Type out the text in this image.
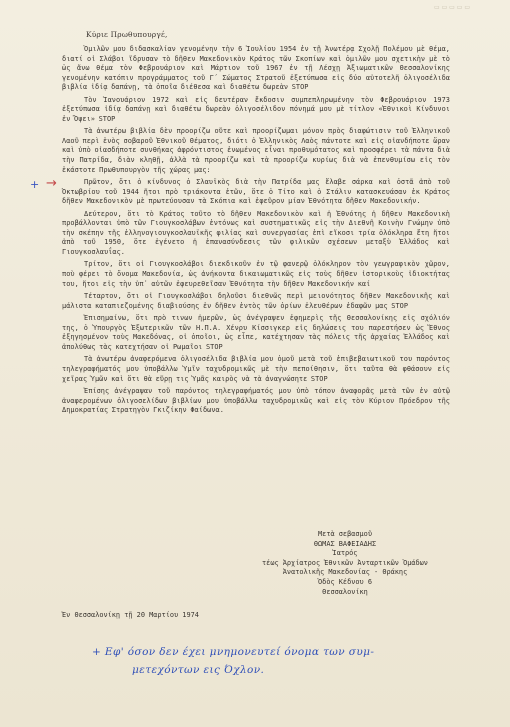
▭ ▭ ▭ ▭ ▭
Κύριε Πρωθυπουργέ,

Ὁμιλῶν μου διδασκαλίαν γενομένην τὴν 6 Ἰουλίου 1954 ἐν τῇ Ἀνωτέρᾳ Σχολῇ Πολέμου μὲ θέμα, διατί οἱ Σλάβοι ἵδρυσαν τὸ δῆθεν Μακεδονικὸν Κράτος τῶν Σκοπίων καὶ ὁμιλῶν μου σχετικὴν μὲ τὸ ὡς ἄνω θέμα τὸν Φεβρουάριον καὶ Μάρτιον τοῦ 1967 ἐν τῇ Λέσχῃ Ἀξιωματικῶν Θεσσαλονίκης γενομένην κατόπιν προγράμματος τοῦ Γ΄ Σώματος Στρατοῦ ἐξετύπωσα εἰς δύο αὐτοτελῆ ὀλιγοσέλιδα βιβλία ἰδίᾳ δαπάνῃ, τὰ ὁποῖα διέθεσα καὶ διαθέτω δωρεὰν STOP

Τὸν Ἰανουάριον 1972 καὶ εἰς δευτέραν ἔκδοσιν συμπεπληρωμένην τὸν Φεβρουάριον 1973 ἐξετύπωσα ἰδίᾳ δαπάνῃ καὶ διαθέτω δωρεὰν ὀλιγοσέλιδον πόνημά μου μὲ τίτλον «Ἐθνικοὶ Κίνδυνοι ἐν Ὄψει» STOP

Τὰ ἀνωτέρω βιβλία δὲν προορίζω οὔτε καὶ προορίζωμαι μόνον πρὸς διαφώτισιν τοῦ Ἑλληνικοῦ Λαοῦ περὶ ἑνὸς σοβαροῦ Ἐθνικοῦ Θέματος, διότι ὁ Ἑλληνικὸς Λαὸς πάντοτε καὶ εἰς οἱανδήποτε ὥραν καὶ ὑπὸ οἱασδήποτε συνθήκας ἀφρόντιστος ἐνωμένος εἶναι προθυμότατος καὶ προσφέρει τὰ πάντα διὰ τὴν Πατρίδα, διὰν κληθῇ, ἀλλὰ τὰ προορίζω καὶ τὰ προορίζω κυρίως διὰ νὰ ἐπενθυμίσω εἰς τὸν ἑκάστοτε Πρωθυπουργὸν τῆς χώρας μας:

Πρῶτον, ὅτι ὁ κίνδυνος ὁ Σλαυϊκὸς διὰ τὴν Πατρίδα μας ἔλαβε σάρκα καὶ ὀστᾶ ἀπὸ τοῦ Ὀκτωβρίου τοῦ 1944 ἤτοι πρὸ τριάκοντα ἐτῶν, ὅτε ὁ Τίτο καὶ ὁ Στάλιν κατασκευάσαν ἐκ Κράτος δῆθεν Μακεδονικὸν μὲ πρωτεύουσαν τὰ Σκόπια καὶ ἐφεῦρον μίαν Ἐθνότητα δῆθεν Μακεδονικήν.

Δεύτερον, ὅτι τὸ Κράτος τοῦτο τὸ δῆθεν Μακεδονικὸν καὶ ἡ Ἐθνότης ἡ δῆθεν Μακεδονικὴ προβάλλονται ὑπὸ τῶν Γιουγκοσλάβων ἐντόνως καὶ συστηματικῶς εἰς τὴν Διεθνῆ Κοινὴν Γνώμην ὑπὸ τὴν σκέπην τῆς ἑλληνογιουγκοσλαυϊκῆς φιλίας καὶ συνεργασίας ἐπὶ εἴκοσι τρία ὁλόκληρα ἔτη ἤτοι ἀπὸ τοῦ 1950, ὅτε ἐγένετο ἡ ἐπανασύνδεσις τῶν φιλικῶν σχέσεων μεταξὺ Ἑλλάδος καὶ Γιουγκοσλαυΐας.

Τρίτον, ὅτι οἱ Γιουγκοσλάβοι διεκδικοῦν ἐν τῷ φανερῷ ὁλόκληρον τὸν γεωγραφικὸν χῶρον, ποὺ φέρει τὸ ὄνομα Μακεδονία, ὡς ἀνήκοντα δικαιωματικῶς εἰς τοὺς δῆθεν ἱστορικοὺς ἰδιοκτήτας του, ἤτοι εἰς τὴν ὑπ᾽ αὐτῶν ἐφευρεθεῖσαν Ἐθνότητα τὴν δῆθεν Μακεδονικήν καί

Τέταρτον, ὅτι οἱ Γιουγκοσλάβοι δηλοῦσι διεθνῶς περὶ μειονότητος δῆθεν Μακεδονικῆς καὶ μάλιστα καταπιεζομένης διαβιούσης ἐν δῆθεν ἐντὸς τῶν ὁρίων ἐλευθέρων ἐδαφῶν μας STOP

Ἐπισημαίνω, ὅτι πρὸ τινων ἡμερῶν, ὡς ἀνέγραψεν ἐφημερὶς τῆς Θεσσαλονίκης εἰς σχόλιόν της, ὁ Ὑπουργὸς Ἐξωτερικῶν τῶν Η.Π.Α. Χένρυ Κίσσιγκερ εἰς δηλώσεις του παρεστήσεν ὡς Ἔθνος ἐξηγησμένον τοὺς Μακεδόνας, οἱ ὁποῖοι, ὡς εἶπε, κατέχτησαν τὰς πόλεις τῆς ἀρχαίας Ἑλλάδος καὶ ἀπολύθως τὰς κατεχτήσαν οἱ Ρωμαῖοι STOP

Τὰ ἀνωτέρω ἀναφερόμενα ὀλιγοσέλιδα βιβλία μου ὁμοῦ μετὰ τοῦ ἐπιβεβαιωτικοῦ του παρόντος τηλεγραφήματός μου ὑποβάλλω Ὑμῖν ταχυδρομικῶς μὲ τὴν πεποίθησιν, ὅτι ταῦτα θὰ φθάσουν εἰς χεῖρας Ὑμῶν καὶ ὅτι θὰ εὕρῃ τις Ὑμᾶς καιρὸς νὰ τὰ ἀναγνώσητε STOP

Ἐπίσης ἀνέγραψαν τοῦ παρόντος τηλεγραφήματός μου ὑπὸ τόπον ἀναφορᾶς μετὰ τῶν ἐν αὐτῷ ἀναφερομένων ὀλιγοσελίδων βιβλίων μου ὑποβάλλω ταχυδρομικῶς καὶ εἰς τὸν Κύριον Πρόεδρον τῆς Δημοκρατίας Στρατηγὸν Γκιζίκην Φαίδωνα.

Μετὰ σεβασμοῦ
ΘΩΜΑΣ ΒΑΦΕΙΑΔΗΣ
Ἰατρός
τέως Ἀρχίατρος Ἐθνικῶν Ἀνταρτικῶν Ὁμάδων
Ἀνατολικῆς Μακεδονίας - Θράκης
Ὁδὸς Κέδνου 6
Θεσσαλονίκη
Ἐν Θεσσαλονίκῃ τῇ 20 Μαρτίου 1974
+ →
+ Εφ' όσον δεν έχει μνημονευτεί όνομα των συμ-
μετεχόντων εις Όχλον.
